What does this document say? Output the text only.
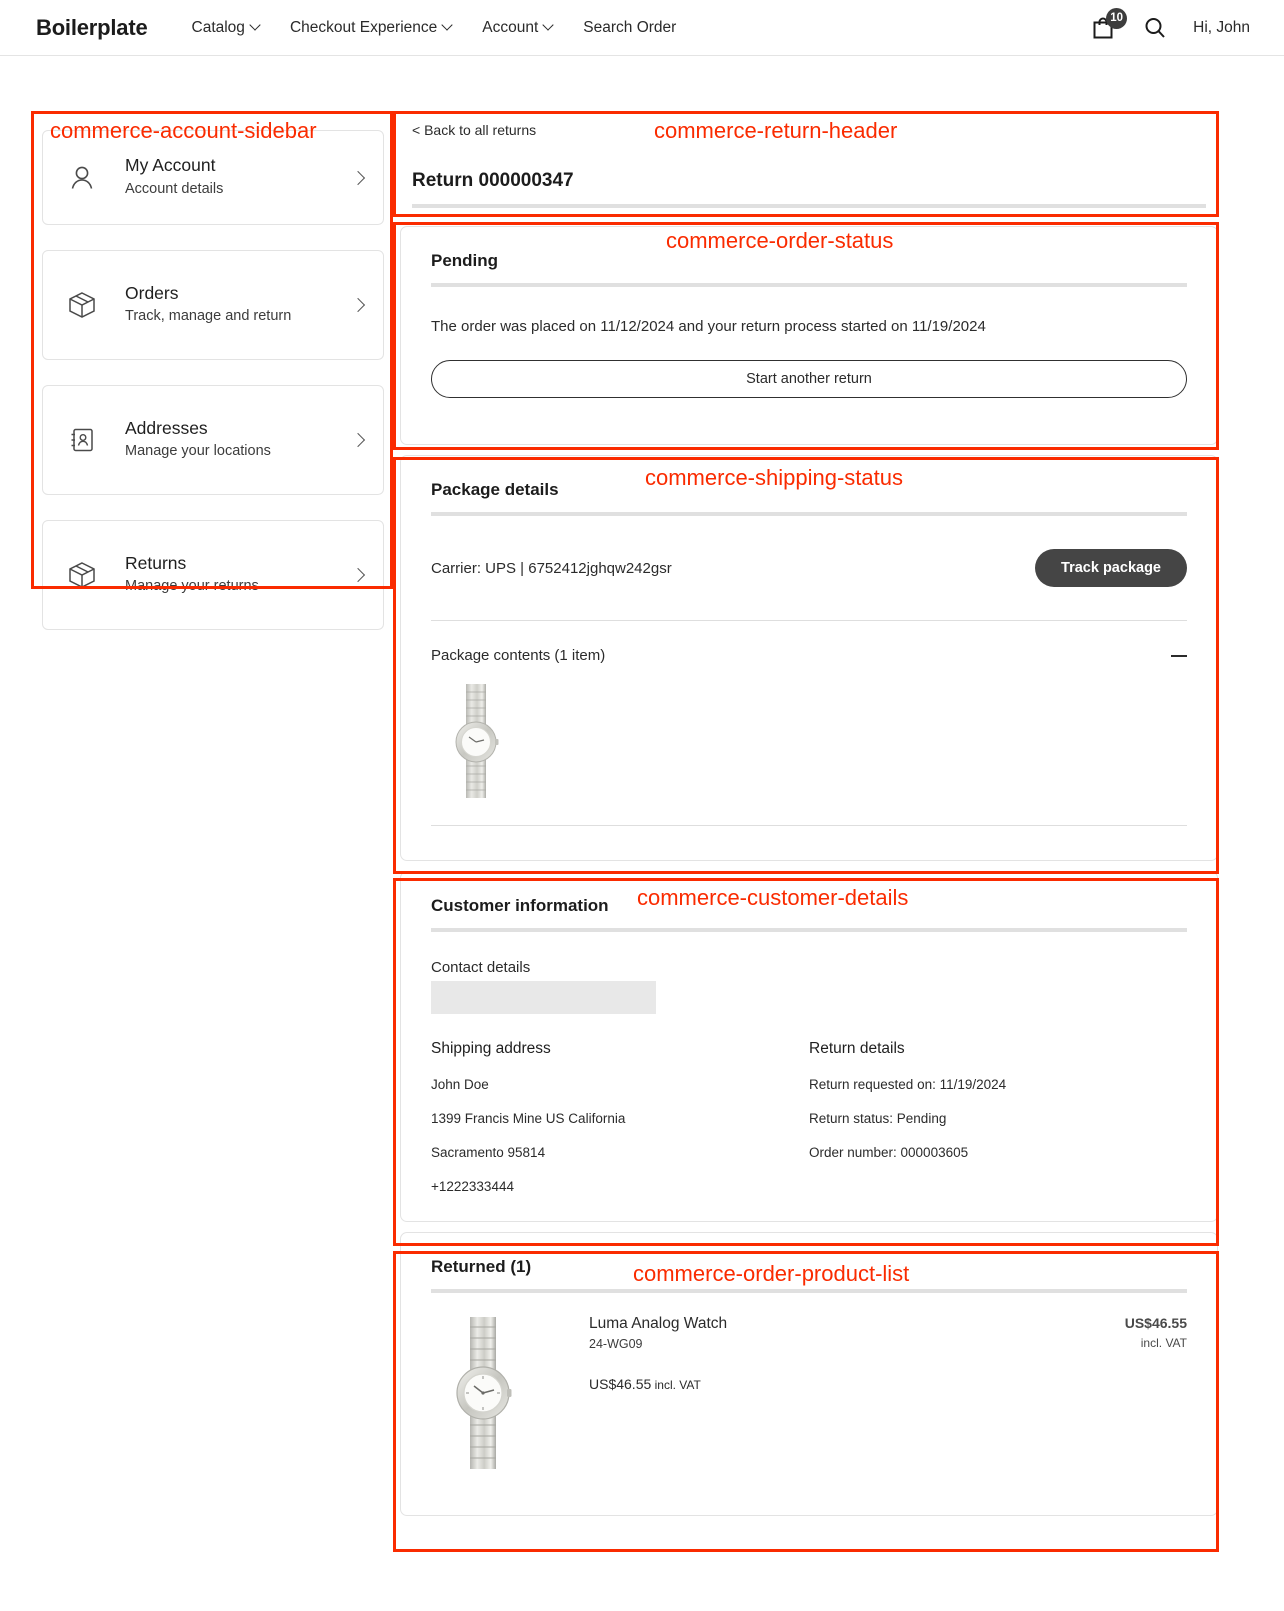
Boilerplate	Catalog	Checkout Experience	Account	Search Order
10
Hi, John
My Account
Account details
Orders
Track, manage and return
Addresses
Manage your locations
Returns
Manage your returns
< Back to all returns
Return 000000347
Pending
The order was placed on 11/12/2024 and your return process started on 11/19/2024
Start another return
Package details
Carrier: UPS | 6752412jghqw242gsr	Track package
Package contents (1 item)
Customer information
Contact details
Shipping address
John Doe
1399 Francis Mine US California
Sacramento 95814
+1222333444
Return details
Return requested on: 11/19/2024
Return status: Pending
Order number: 000003605
Returned (1)
Luma Analog Watch
24-WG09
US$46.55 incl. VAT
US$46.55
incl. VAT
commerce-account-sidebar	commerce-return-header
commerce-order-status
commerce-shipping-status
commerce-customer-details
commerce-order-product-list
